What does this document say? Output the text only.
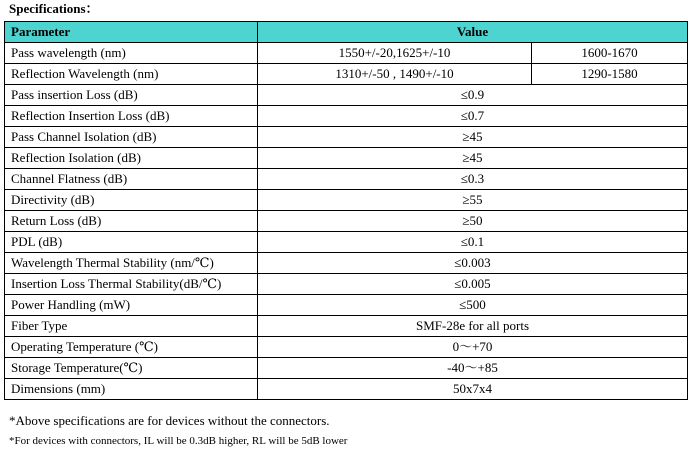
Specifications：
Parameter	Value	
Pass wavelength (nm)	1550+/-20,1625+/-10	1600-1670
Reflection Wavelength (nm)	1310+/-50 , 1490+/-10	1290-1580
Pass insertion Loss (dB)	≤0.9	
Reflection Insertion Loss (dB)	≤0.7	
Pass Channel Isolation (dB)	≥45	
Reflection Isolation (dB)	≥45	
Channel Flatness (dB)	≤0.3	
Directivity (dB)	≥55	
Return Loss (dB)	≥50	
PDL (dB)	≤0.1	
Wavelength Thermal Stability (nm/℃)	≤0.003	
Insertion Loss Thermal Stability(dB/℃)	≤0.005	
Power Handling (mW)	≤500	
Fiber Type	SMF-28e for all ports	
Operating Temperature (℃)	0～+70	
Storage Temperature(℃)	-40～+85	
Dimensions (mm)	50x7x4	
*Above specifications are for devices without the connectors.
*For devices with connectors, IL will be 0.3dB higher, RL will be 5dB lower
